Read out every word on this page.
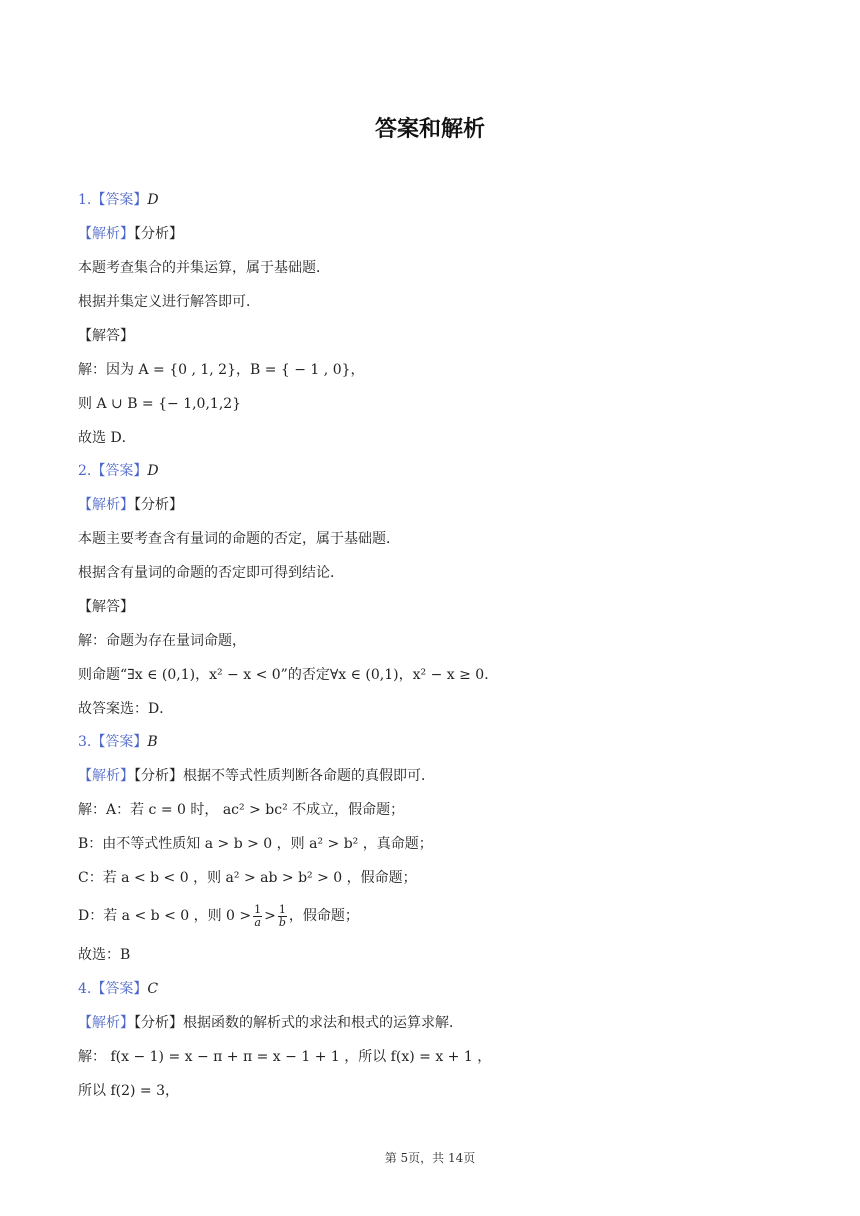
答案和解析
1.【答案】D
【解析】【分析】
本题考查集合的并集运算，属于基础题．
根据并集定义进行解答即可．
【解答】
解：因为 A = {0 , 1, 2}，B = { − 1 , 0}，
则 A ∪ B = {− 1,0,1,2}
故选 D．
2.【答案】D
【解析】【分析】
本题主要考查含有量词的命题的否定，属于基础题．
根据含有量词的命题的否定即可得到结论．
【解答】
解：命题为存在量词命题，
则命题“∃x ∈ (0,1)，x² − x < 0”的否定∀x ∈ (0,1)，x² − x ≥ 0．
故答案选：D．
3.【答案】B
【解析】【分析】根据不等式性质判断各命题的真假即可．
解：A：若 c = 0 时， ac² > bc² 不成立，假命题；
B：由不等式性质知 a > b > 0 ，则 a² > b² ，真命题；
C：若 a < b < 0 ，则 a² > ab > b² > 0 ，假命题；
D：若 a < b < 0 ，则 $0 > \frac{1}{a} > \frac{1}{b}$ ，假命题；
故选：B
4.【答案】C
【解析】【分析】根据函数的解析式的求法和根式的运算求解．
解： f(x − 1) = x − π + π = x − 1 + 1 ，所以 f(x) = x + 1 ，
所以 f(2) = 3，
第 5页，共 14页
